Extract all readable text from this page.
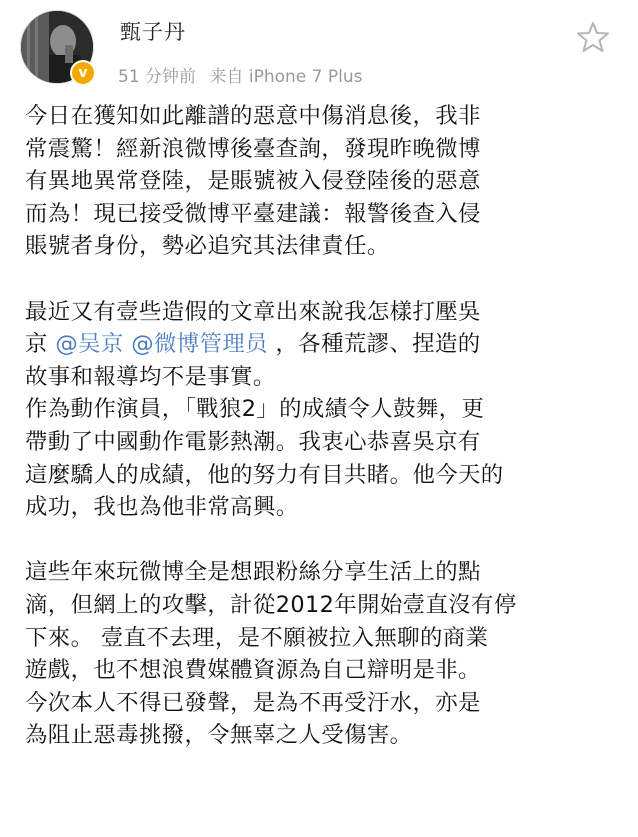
v
甄子丹
51 分钟前 来自 iPhone 7 Plus
今日在獲知如此離譜的惡意中傷消息後，我非
常震驚！經新浪微博後臺查詢，發現昨晚微博
有異地異常登陸，是賬號被入侵登陸後的惡意
而為！現已接受微博平臺建議：報警後查入侵
賬號者身份，勢必追究其法律責任。
最近又有壹些造假的文章出來說我怎樣打壓吳
京 @吴京 @微博管理员 ，各種荒謬、捏造的
故事和報導均不是事實。
作為動作演員，「戰狼2」的成績令人鼓舞，更
帶動了中國動作電影熱潮。我衷心恭喜吳京有
這麼驕人的成績，他的努力有目共睹。他今天的
成功，我也為他非常高興。
這些年來玩微博全是想跟粉絲分享生活上的點
滴，但網上的攻擊，計從2012年開始壹直沒有停
下來。 壹直不去理，是不願被拉入無聊的商業
遊戲，也不想浪費媒體資源為自己辯明是非。
今次本人不得已發聲，是為不再受汙水，亦是
為阻止惡毒挑撥，令無辜之人受傷害。
